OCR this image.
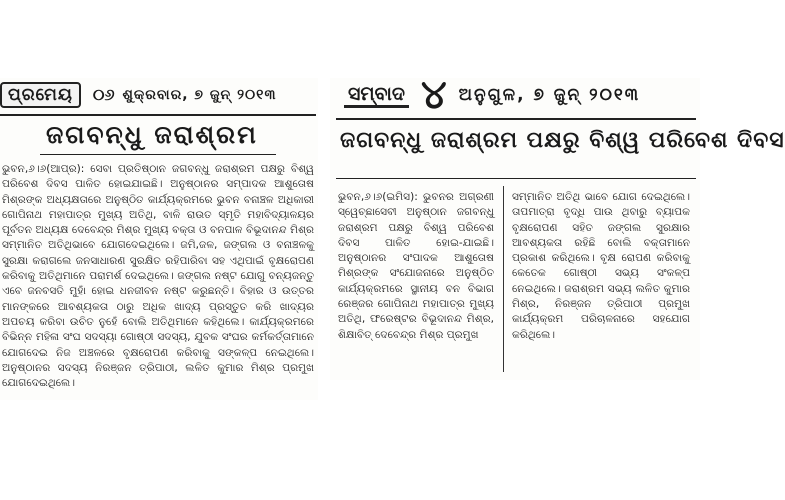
ପ୍ରମେୟ	୦୬ ଶୁକ୍ରବାର, ୭ ଜୁନ୍ ୨୦୧୩
ଜଗବନ୍ଧୁ ଜରାଶ୍ରମ
ଭୁବନ,୬।୬(ଆପ୍ର): ସେବା ପ୍ରତିଷ୍ଠାନ ଜଗବନ୍ଧୁ ଜରାଶ୍ରମ ପକ୍ଷରୁ ବିଶ୍ୱ ପରିବେଶ ଦିବସ ପାଳିତ ହୋଇଯାଇଛି। ଅନୁଷ୍ଠାନର ସମ୍ପାଦକ ଆଶୁତୋଷ ମିଶ୍ରଙ୍କ ଅଧ୍ୟକ୍ଷତାରେ ଅନୁଷ୍ଠିତ କାର୍ଯ୍ୟକ୍ରମରେ ଭୁବନ ବନାଞ୍ଚଳ ଅଧିକାରୀ ଗୋପିନାଥ ମହାପାତ୍ର ମୁଖ୍ୟ ଅତିଥି, ବାଳି ରାଉତ ସ୍ମୃତି ମହାବିଦ୍ୟାଳୟର ପୂର୍ବତନ ଅଧ୍ୟକ୍ଷ ଦେବେନ୍ଦ୍ର ମିଶ୍ର ମୁଖ୍ୟ ବକ୍ତା ଓ ବନପାଳ ବିଭୂଦାନନ୍ଦ ମିଶ୍ର ସମ୍ମାନିତ ଅତିଥିଭାବେ ଯୋଗଦେଇଥିଲେ। ଜମି,ଜଳ, ଜଙ୍ଗଲ ଓ ବନାଞ୍ଚଳକୁ ସୁରକ୍ଷା କରାଗଲେ ଜନସାଧାରଣ ସୁରକ୍ଷିତ ରହିପାରିବା ସହ ଏଥିପାଇଁ ବୃକ୍ଷରୋପଣ କରିବାକୁ ଅତିଥିମାନେ ପରାମର୍ଶ ଦେଇଥିଲେ। ଜଙ୍ଗଲ ନଷ୍ଟ ଯୋଗୁ ବନ୍ୟଜନ୍ତୁ ଏବେ ଜନବସତି ମୁହାଁ ହୋଇ ଧନଜୀବନ ନଷ୍ଟ କରୁଛନ୍ତି। ବିହାର ଓ ଉତ୍ତର ମାନଙ୍କରେ ଆବଶ୍ୟକତା ଠାରୁ ଅଧିକ ଖାଦ୍ୟ ପ୍ରସ୍ତୁତ କରି ଖାଦ୍ୟର ଅପଚୟ କରିବା ଉଚିତ ନୁହେଁ ବୋଲି ଅତିଥିମାନେ କହିଥିଲେ। କାର୍ଯ୍ୟକ୍ରମରେ ବିଭିନ୍ନ ମହିଳା ସଂଘ ସଦସ୍ୟା ଗୋଷ୍ଠୀ ସଦସ୍ୟ, ଯୁବକ ସଂଘର କର୍ମକର୍ତ୍ତାମାନେ ଯୋଗଦେଇ ନିଜ ଅଞ୍ଚଳରେ ବୃକ୍ଷରୋପଣ କରିବାକୁ ସଙ୍କଳ୍ପ ନେଇଥିଲେ। ଅନୁଷ୍ଠାନର ସଦସ୍ୟ ନିରଞ୍ଜନ ତ୍ରିପାଠୀ, ଲଳିତ କୁମାର ମିଶ୍ର ପ୍ରମୁଖ ଯୋଗଦେଇଥିଲେ।
ସମ୍ବାଦ ୪ ଅନୁଗୁଳ, ୭ ଜୁନ୍ ୨୦୧୩
ଜଗବନ୍ଧୁ ଜରାଶ୍ରମ ପକ୍ଷରୁ ବିଶ୍ୱ ପରିବେଶ ଦିବସ
ଭୁବନ,୬।୬(ଇମିସ): ଭୁବନର ଅଗ୍ରଣୀ ସ୍ୱେଚ୍ଛାସେବୀ ଅନୁଷ୍ଠାନ ଜଗବନ୍ଧୁ ଜରାଶ୍ରମ ପକ୍ଷରୁ ବିଶ୍ୱ ପରିବେଶ ଦିବସ ପାଳିତ ହୋଇ-ଯାଇଛି। ଅନୁଷ୍ଠାନର ସଂପାଦକ ଆଶୁତୋଷ ମିଶ୍ରଙ୍କ ସଂଯୋଜନାରେ ଅନୁଷ୍ଠିତ କାର୍ଯ୍ୟକ୍ରମରେ ସ୍ଥାନୀୟ ବନ ବିଭାଗ ରେଞ୍ଜର ଗୋପିନାଥ ମହାପାତ୍ର ମୁଖ୍ୟ ଅତିଥି, ଫରେଷ୍ଟର ବିଭୂଦାନନ୍ଦ ମିଶ୍ର, ଶିକ୍ଷାବିତ୍ ଦେବେନ୍ଦ୍ର ମିଶ୍ର ପ୍ରମୁଖ
ସମ୍ମାନିତ ଅତିଥି ଭାବେ ଯୋଗ ଦେଇଥିଲେ। ତାପମାତ୍ରା ବୃଦ୍ଧି ପାଉ ଥିବାରୁ ବ୍ୟାପକ ବୃକ୍ଷରୋପଣ ସହିତ ଜଙ୍ଗଲ ସୁରକ୍ଷାର ଆବଶ୍ୟକତା ରହିଛି ବୋଲି ବକ୍ତାମାନେ ପ୍ରକାଶ କରିଥିଲେ। ବୃକ୍ଷ ରୋପଣ କରିବାକୁ କେତେକ ଗୋଷ୍ଠୀ ସଭ୍ୟ ସଂକଳ୍ପ ନେଇଥିଲେ। ଜରାଶ୍ରମ ସଭ୍ୟ ଲଳିତ କୁମାର ମିଶ୍ର, ନିରଞ୍ଜନ ତ୍ରିପାଠୀ ପ୍ରମୁଖ କାର୍ଯ୍ୟକ୍ରମ ପରିଚାଳନାରେ ସହଯୋଗ କରିଥିଲେ।
